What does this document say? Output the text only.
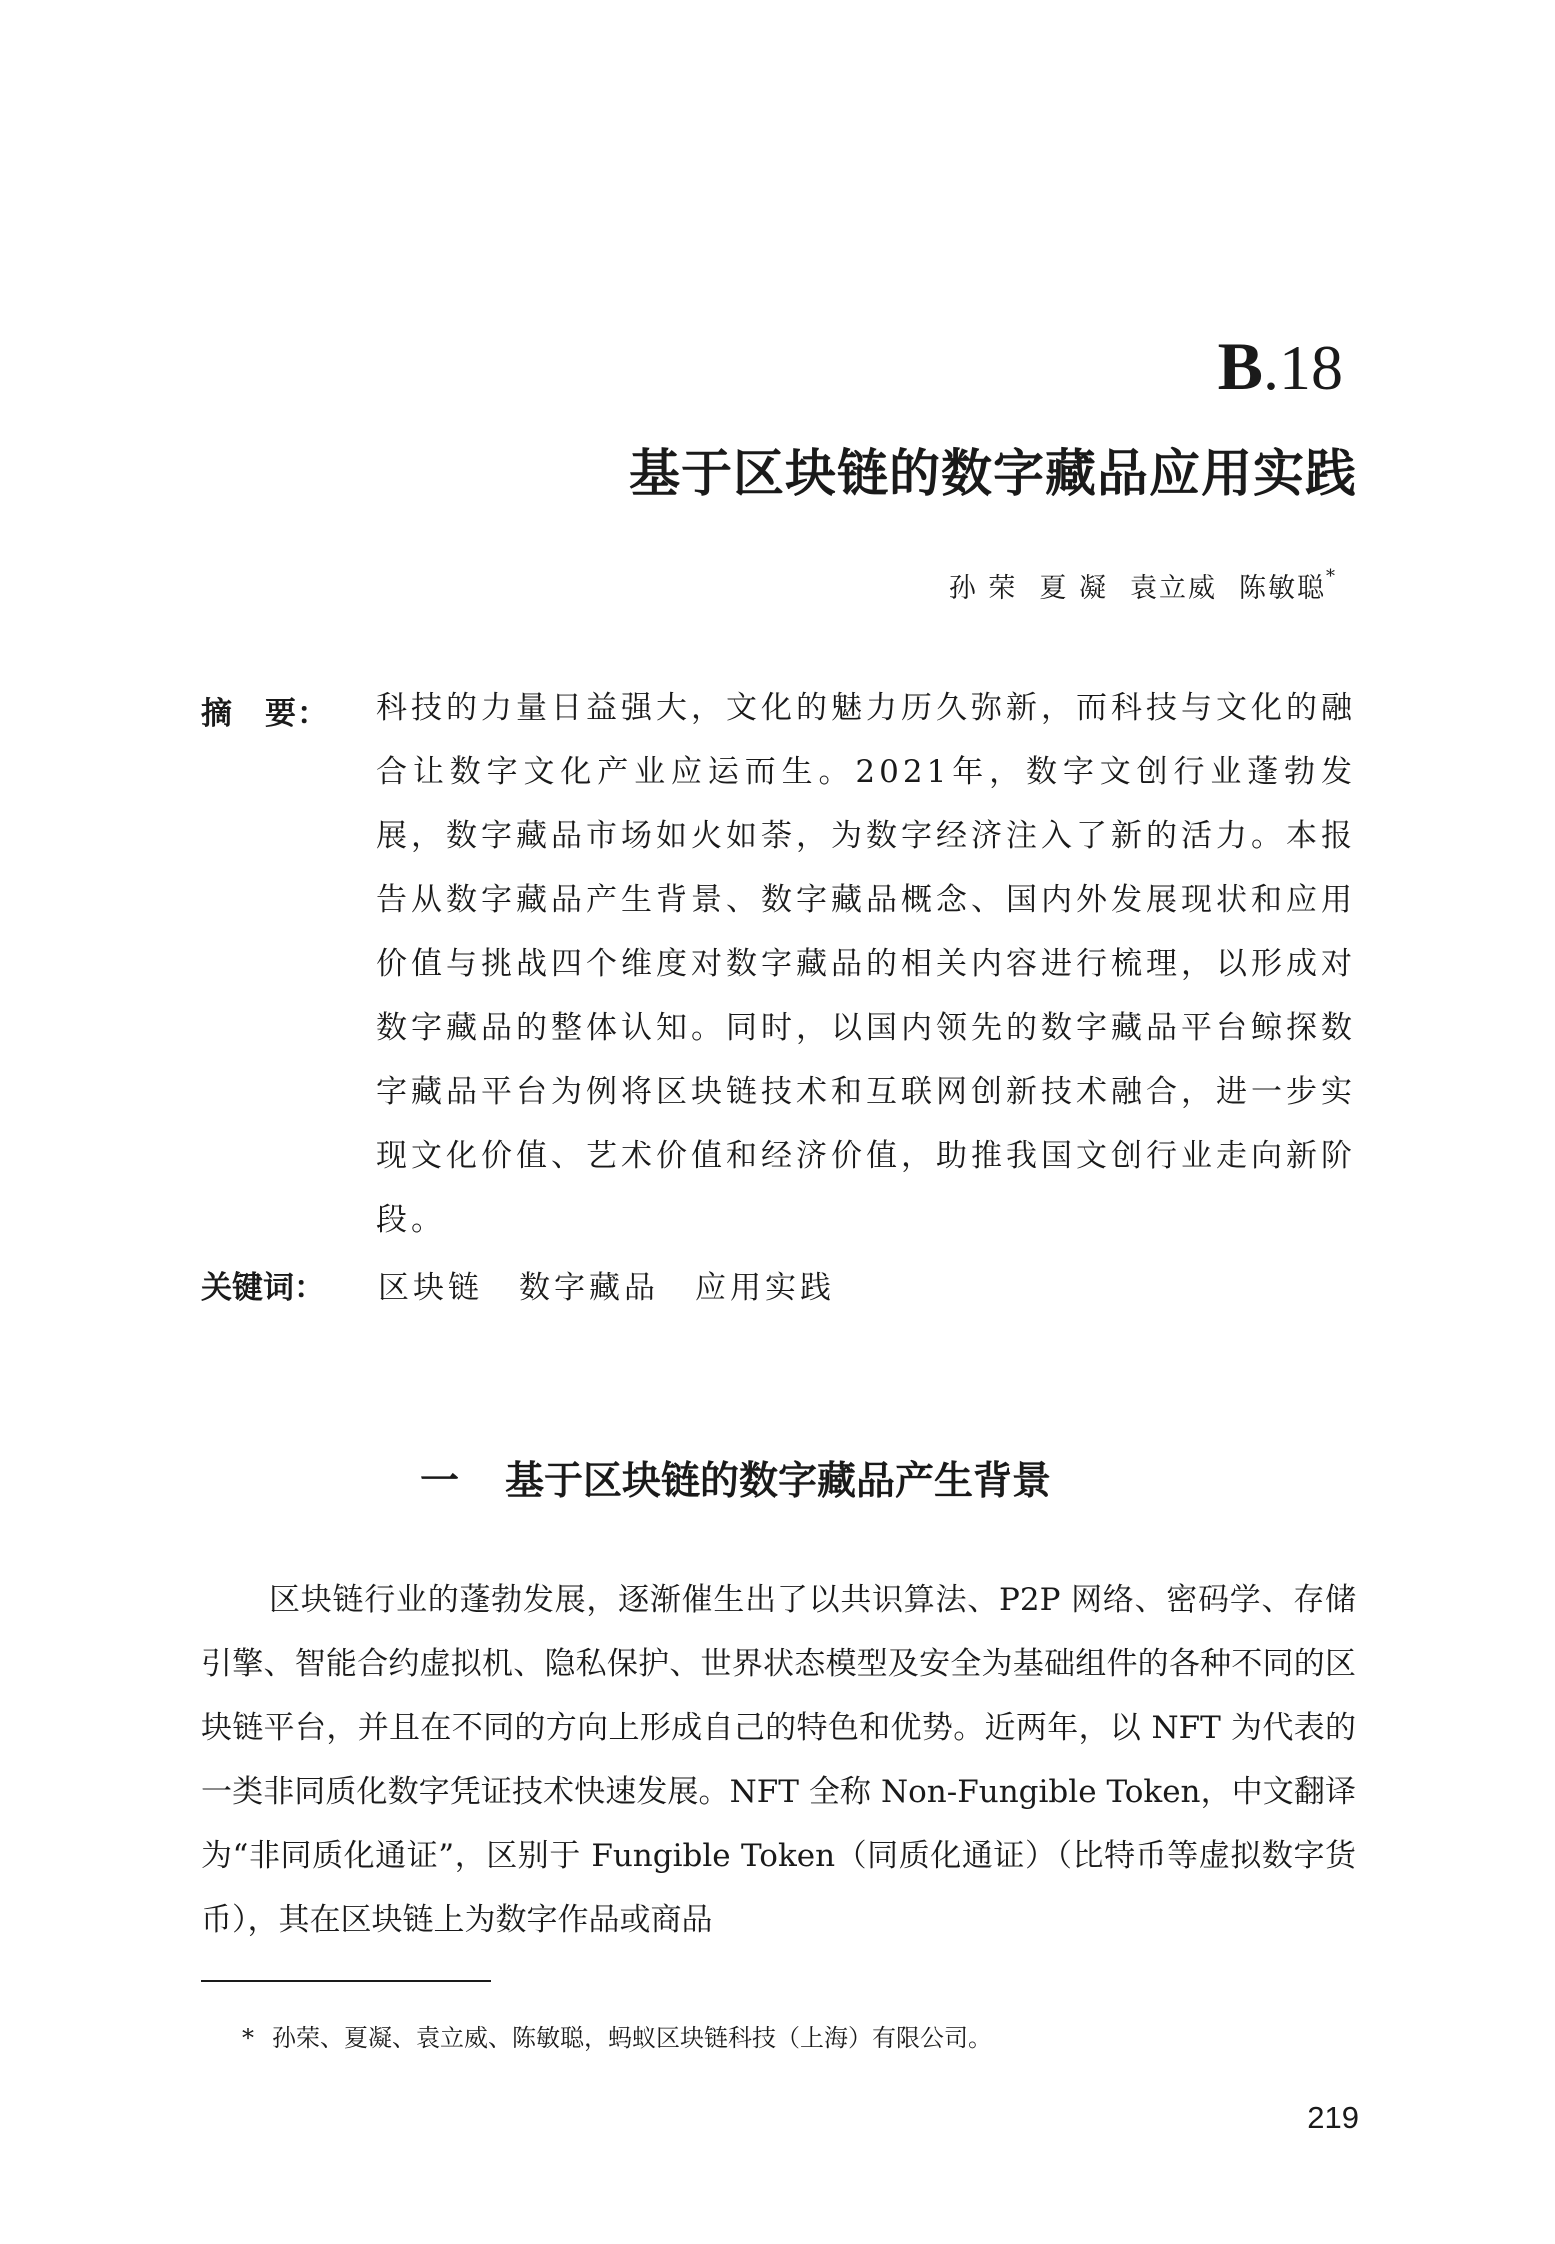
B.18
基于区块链的数字藏品应用实践
孙 荣 夏 凝 袁立威 陈敏聪*
摘　要： 科技的力量日益强大，文化的魅力历久弥新，而科技与文化的融合让数字文化产业应运而生。2021年，数字文创行业蓬勃发展，数字藏品市场如火如荼，为数字经济注入了新的活力。本报告从数字藏品产生背景、数字藏品概念、国内外发展现状和应用价值与挑战四个维度对数字藏品的相关内容进行梳理，以形成对数字藏品的整体认知。同时，以国内领先的数字藏品平台鲸探数字藏品平台为例将区块链技术和互联网创新技术融合，进一步实现文化价值、艺术价值和经济价值，助推我国文创行业走向新阶段。
关键词： 区块链 数字藏品 应用实践
一 基于区块链的数字藏品产生背景
区块链行业的蓬勃发展，逐渐催生出了以共识算法、P2P 网络、密码学、存储引擎、智能合约虚拟机、隐私保护、世界状态模型及安全为基础组件的各种不同的区块链平台，并且在不同的方向上形成自己的特色和优势。近两年，以 NFT 为代表的一类非同质化数字凭证技术快速发展。NFT 全称 Non-Fungible Token，中文翻译为“非同质化通证”，区别于 Fungible Token（同质化通证）（比特币等虚拟数字货币），其在区块链上为数字作品或商品
* 孙荣、夏凝、袁立威、陈敏聪，蚂蚁区块链科技（上海）有限公司。
219
